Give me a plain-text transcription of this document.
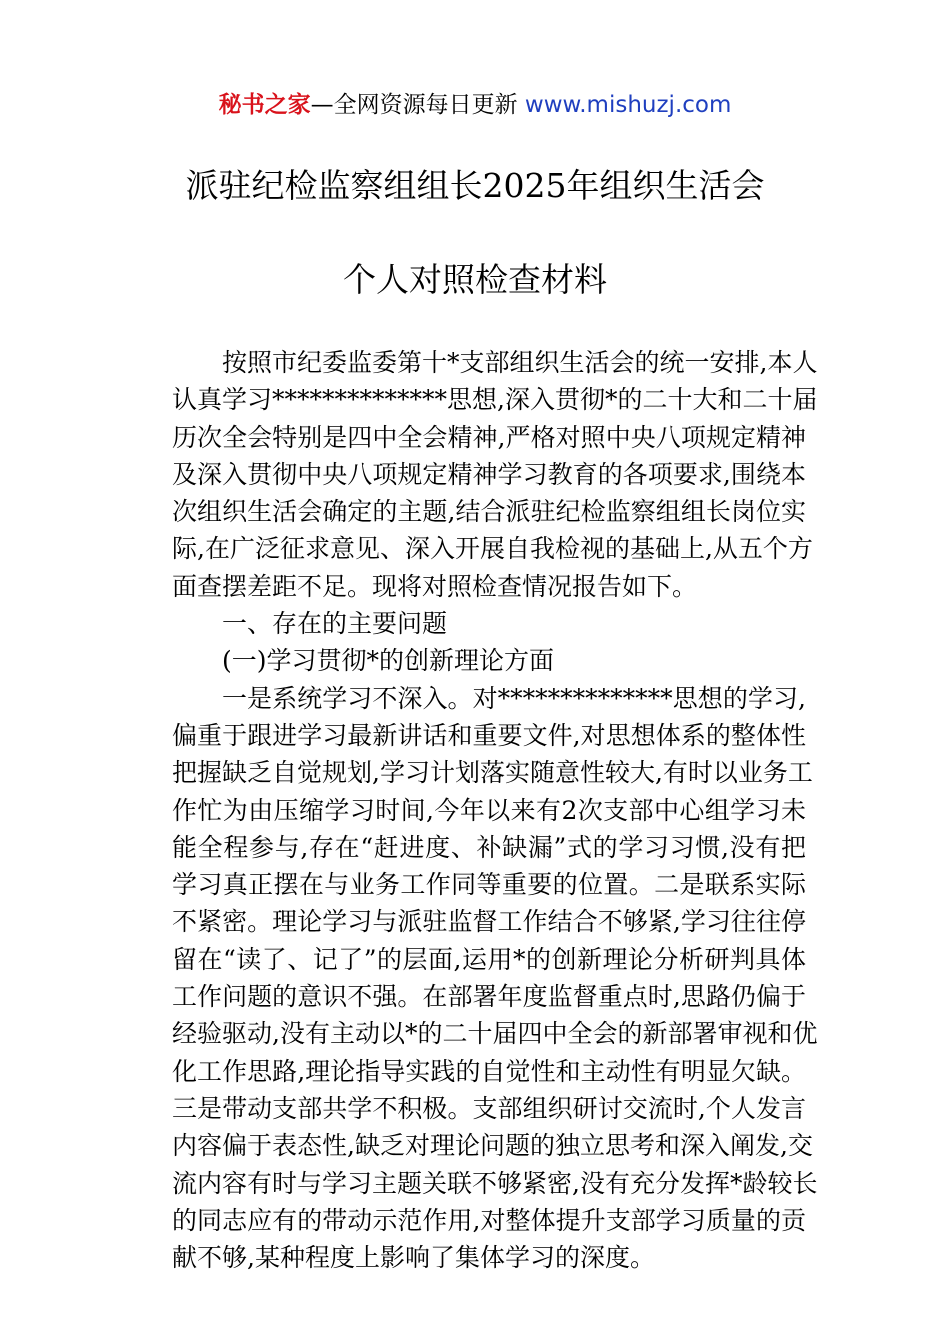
秘书之家—全网资源每日更新 www.mishuzj.com
派驻纪检监察组组长2025年组织生活会
个人对照检查材料
按照市纪委监委第十*支部组织生活会的统一安排,本人
认真学习**************思想,深入贯彻*的二十大和二十届
历次全会特别是四中全会精神,严格对照中央八项规定精神
及深入贯彻中央八项规定精神学习教育的各项要求,围绕本
次组织生活会确定的主题,结合派驻纪检监察组组长岗位实
际,在广泛征求意见、深入开展自我检视的基础上,从五个方
面查摆差距不足。现将对照检查情况报告如下。
一、存在的主要问题
(一)学习贯彻*的创新理论方面
一是系统学习不深入。对**************思想的学习,
偏重于跟进学习最新讲话和重要文件,对思想体系的整体性
把握缺乏自觉规划,学习计划落实随意性较大,有时以业务工
作忙为由压缩学习时间,今年以来有2次支部中心组学习未
能全程参与,存在“赶进度、补缺漏”式的学习习惯,没有把
学习真正摆在与业务工作同等重要的位置。二是联系实际
不紧密。理论学习与派驻监督工作结合不够紧,学习往往停
留在“读了、记了”的层面,运用*的创新理论分析研判具体
工作问题的意识不强。在部署年度监督重点时,思路仍偏于
经验驱动,没有主动以*的二十届四中全会的新部署审视和优
化工作思路,理论指导实践的自觉性和主动性有明显欠缺。
三是带动支部共学不积极。支部组织研讨交流时,个人发言
内容偏于表态性,缺乏对理论问题的独立思考和深入阐发,交
流内容有时与学习主题关联不够紧密,没有充分发挥*龄较长
的同志应有的带动示范作用,对整体提升支部学习质量的贡
献不够,某种程度上影响了集体学习的深度。
